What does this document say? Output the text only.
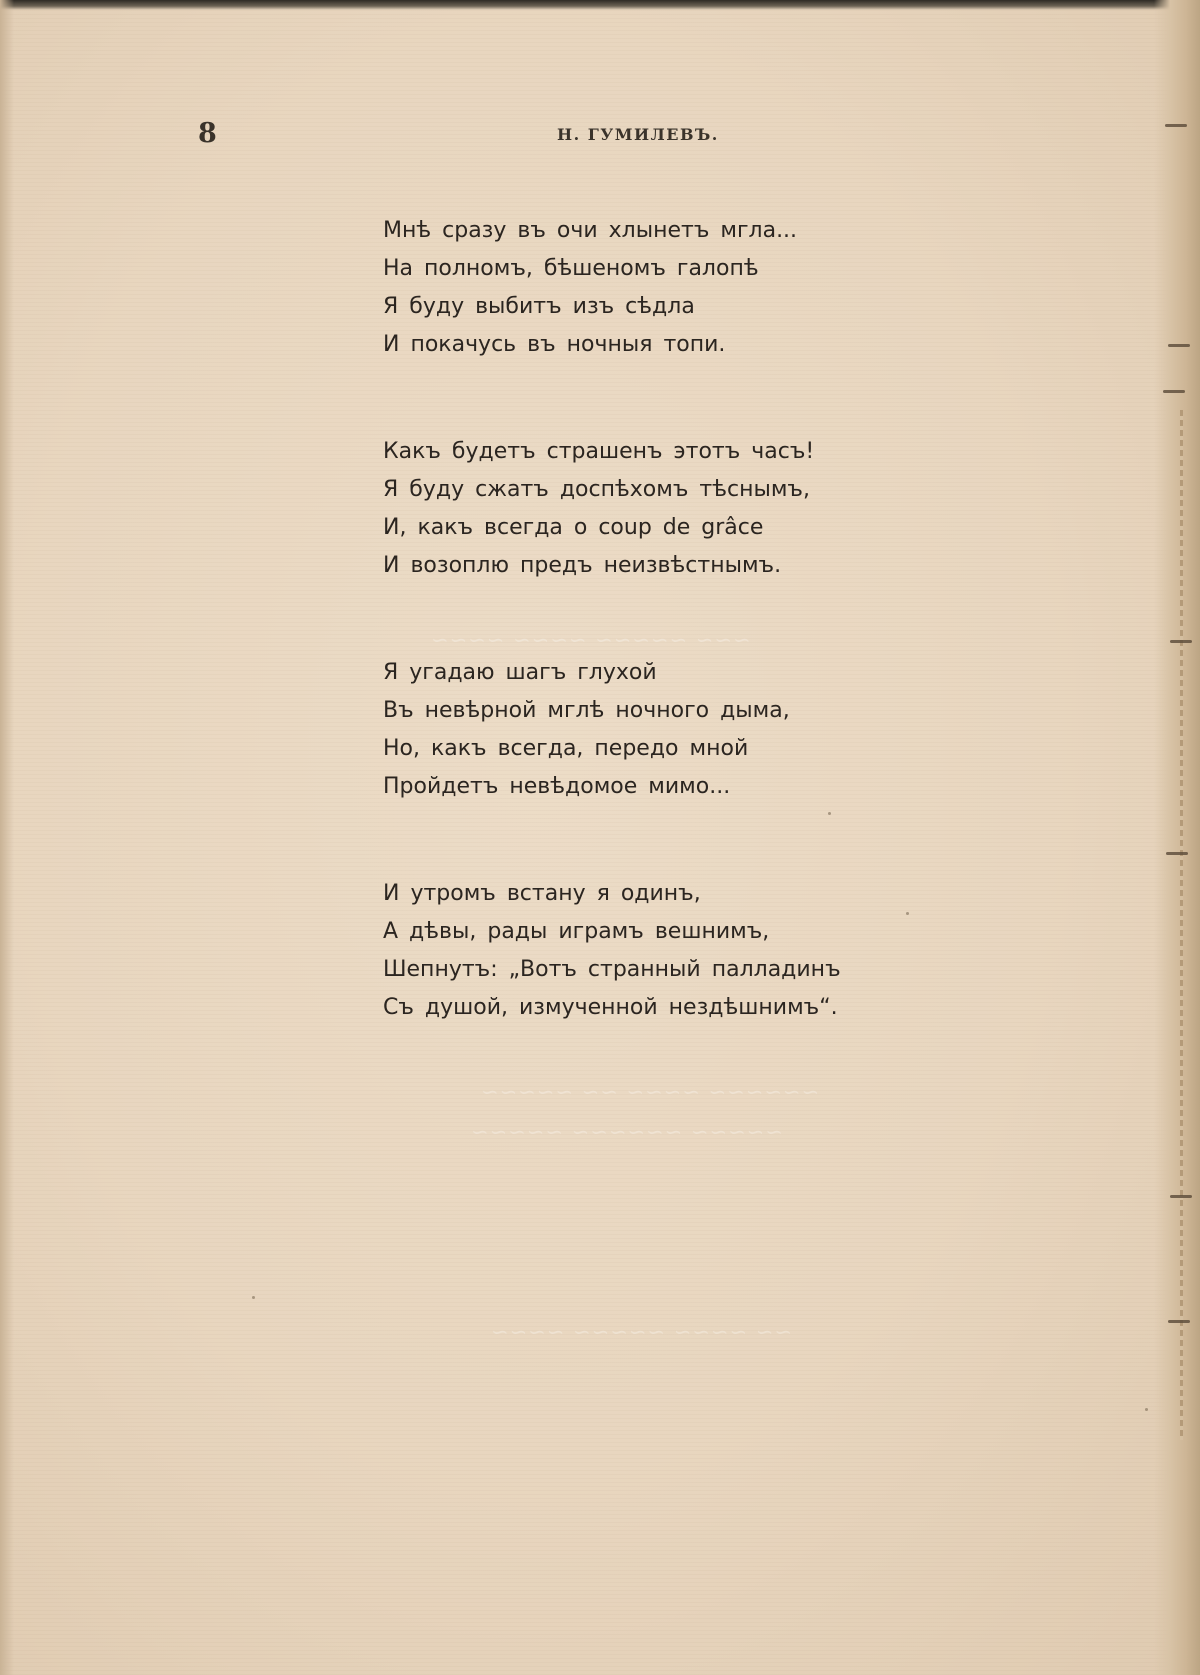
~~~ ~~~~~ ~~~~ ~~~~
~~~~~~ ~~~~ ~~ ~~~~~
~~~~~ ~~~~~~ ~~~~~
~~ ~~~~ ~~~~~ ~~~~
8	Н. ГУМИЛЕВЪ.

Мнѣ сразу въ очи хлынетъ мгла...
На полномъ, бѣшеномъ галопѣ
Я буду выбитъ изъ сѣдла
И покачусь въ ночныя топи.

Какъ будетъ страшенъ этотъ часъ!
Я буду сжатъ доспѣхомъ тѣснымъ,
И, какъ всегда о coup de grâce
И возоплю предъ неизвѣстнымъ.

Я угадаю шагъ глухой
Въ невѣрной мглѣ ночного дыма,
Но, какъ всегда, передо мной
Пройдетъ невѣдомое мимо...

И утромъ встану я одинъ,
А дѣвы, рады играмъ вешнимъ,
Шепнутъ: „Вотъ странный палладинъ
Съ душой, измученной нездѣшнимъ“.
